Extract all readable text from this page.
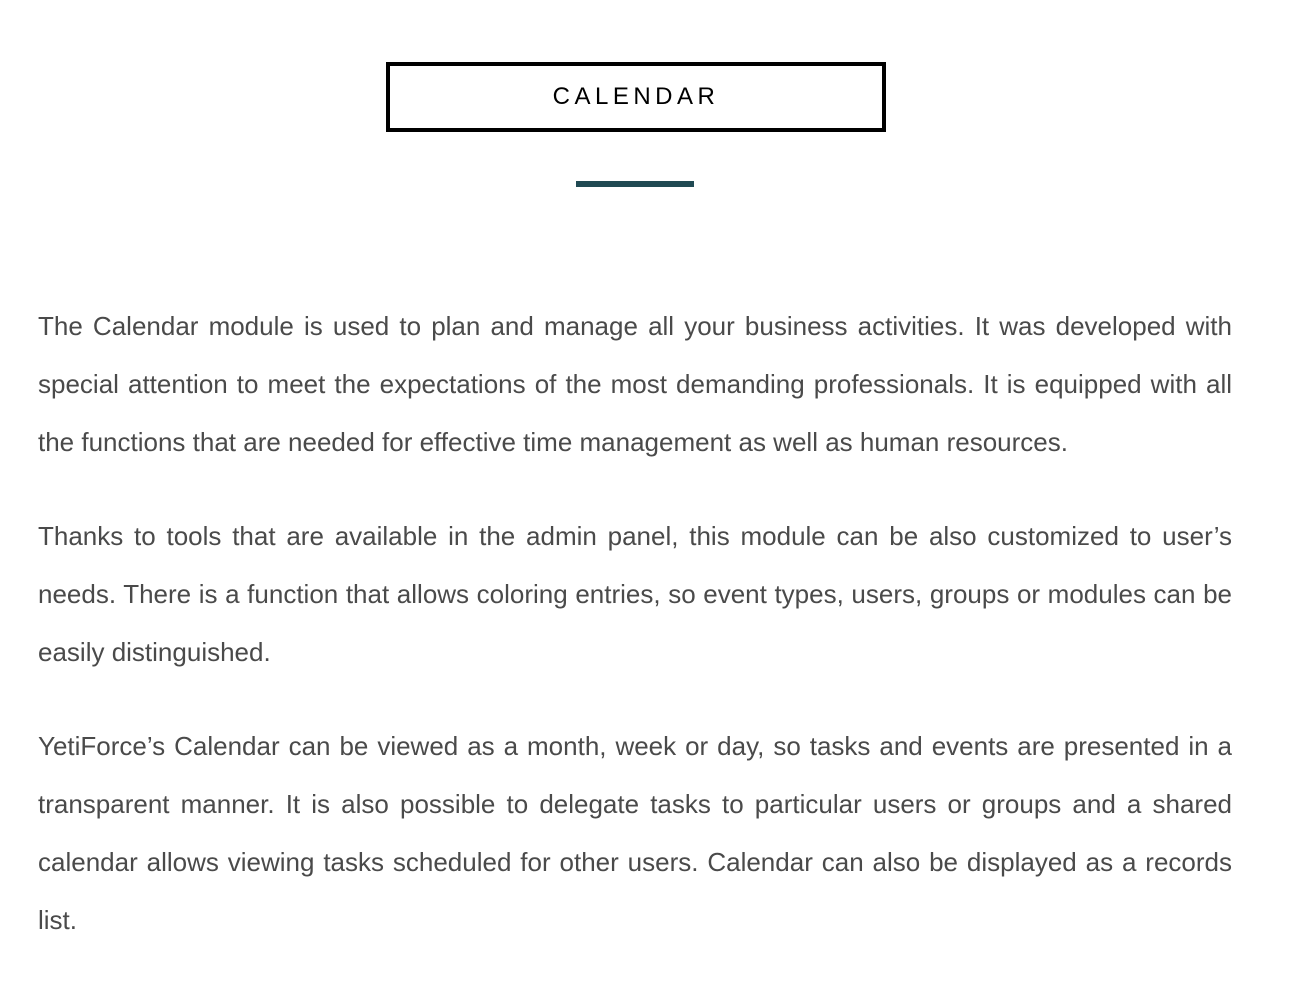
CALENDAR

The Calendar module is used to plan and manage all your business activities. It was developed with special attention to meet the expectations of the most demanding professionals. It is equipped with all the functions that are needed for effective time management as well as human resources.

Thanks to tools that are available in the admin panel, this module can be also customized to user’s needs. There is a function that allows coloring entries, so event types, users, groups or modules can be easily distinguished.

YetiForce’s Calendar can be viewed as a month, week or day, so tasks and events are presented in a transparent manner. It is also possible to delegate tasks to particular users or groups and a shared calendar allows viewing tasks scheduled for other users. Calendar can also be displayed as a records list.
